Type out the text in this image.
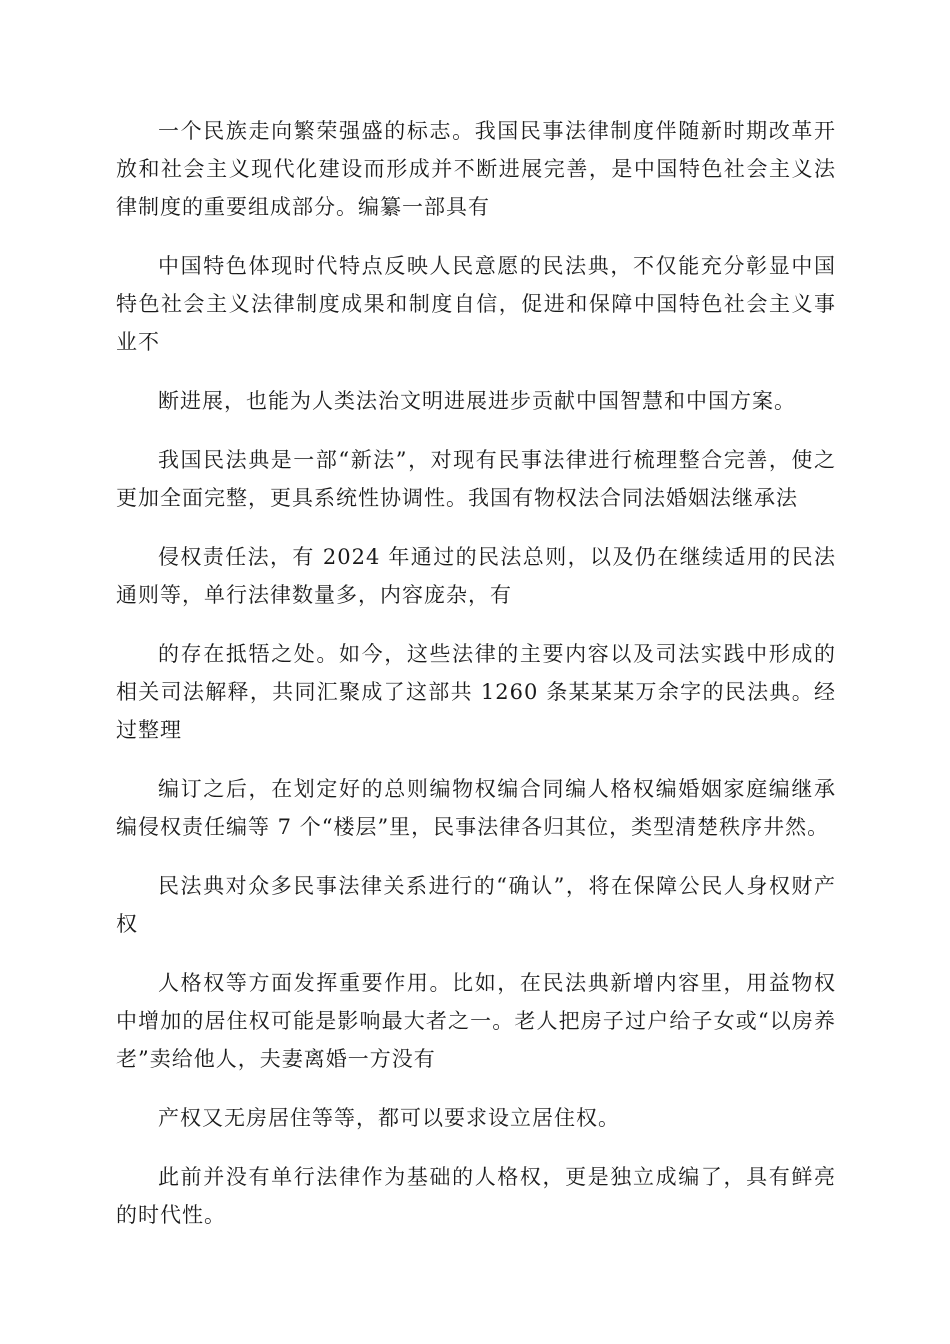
一个民族走向繁荣强盛的标志。我国民事法律制度伴随新时期改革开放和社会主义现代化建设而形成并不断进展完善，是中国特色社会主义法律制度的重要组成部分。编纂一部具有

中国特色体现时代特点反映人民意愿的民法典，不仅能充分彰显中国特色社会主义法律制度成果和制度自信，促进和保障中国特色社会主义事业不

断进展，也能为人类法治文明进展进步贡献中国智慧和中国方案。

我国民法典是一部“新法”，对现有民事法律进行梳理整合完善，使之更加全面完整，更具系统性协调性。我国有物权法合同法婚姻法继承法

侵权责任法，有 2024 年通过的民法总则，以及仍在继续适用的民法通则等，单行法律数量多，内容庞杂，有

的存在抵牾之处。如今，这些法律的主要内容以及司法实践中形成的相关司法解释，共同汇聚成了这部共 1260 条某某某万余字的民法典。经过整理

编订之后，在划定好的总则编物权编合同编人格权编婚姻家庭编继承编侵权责任编等 7 个“楼层”里，民事法律各归其位，类型清楚秩序井然。

民法典对众多民事法律关系进行的“确认”，将在保障公民人身权财产权

人格权等方面发挥重要作用。比如，在民法典新增内容里，用益物权中增加的居住权可能是影响最大者之一。老人把房子过户给子女或“以房养老”卖给他人，夫妻离婚一方没有

产权又无房居住等等，都可以要求设立居住权。

此前并没有单行法律作为基础的人格权，更是独立成编了，具有鲜亮的时代性。
